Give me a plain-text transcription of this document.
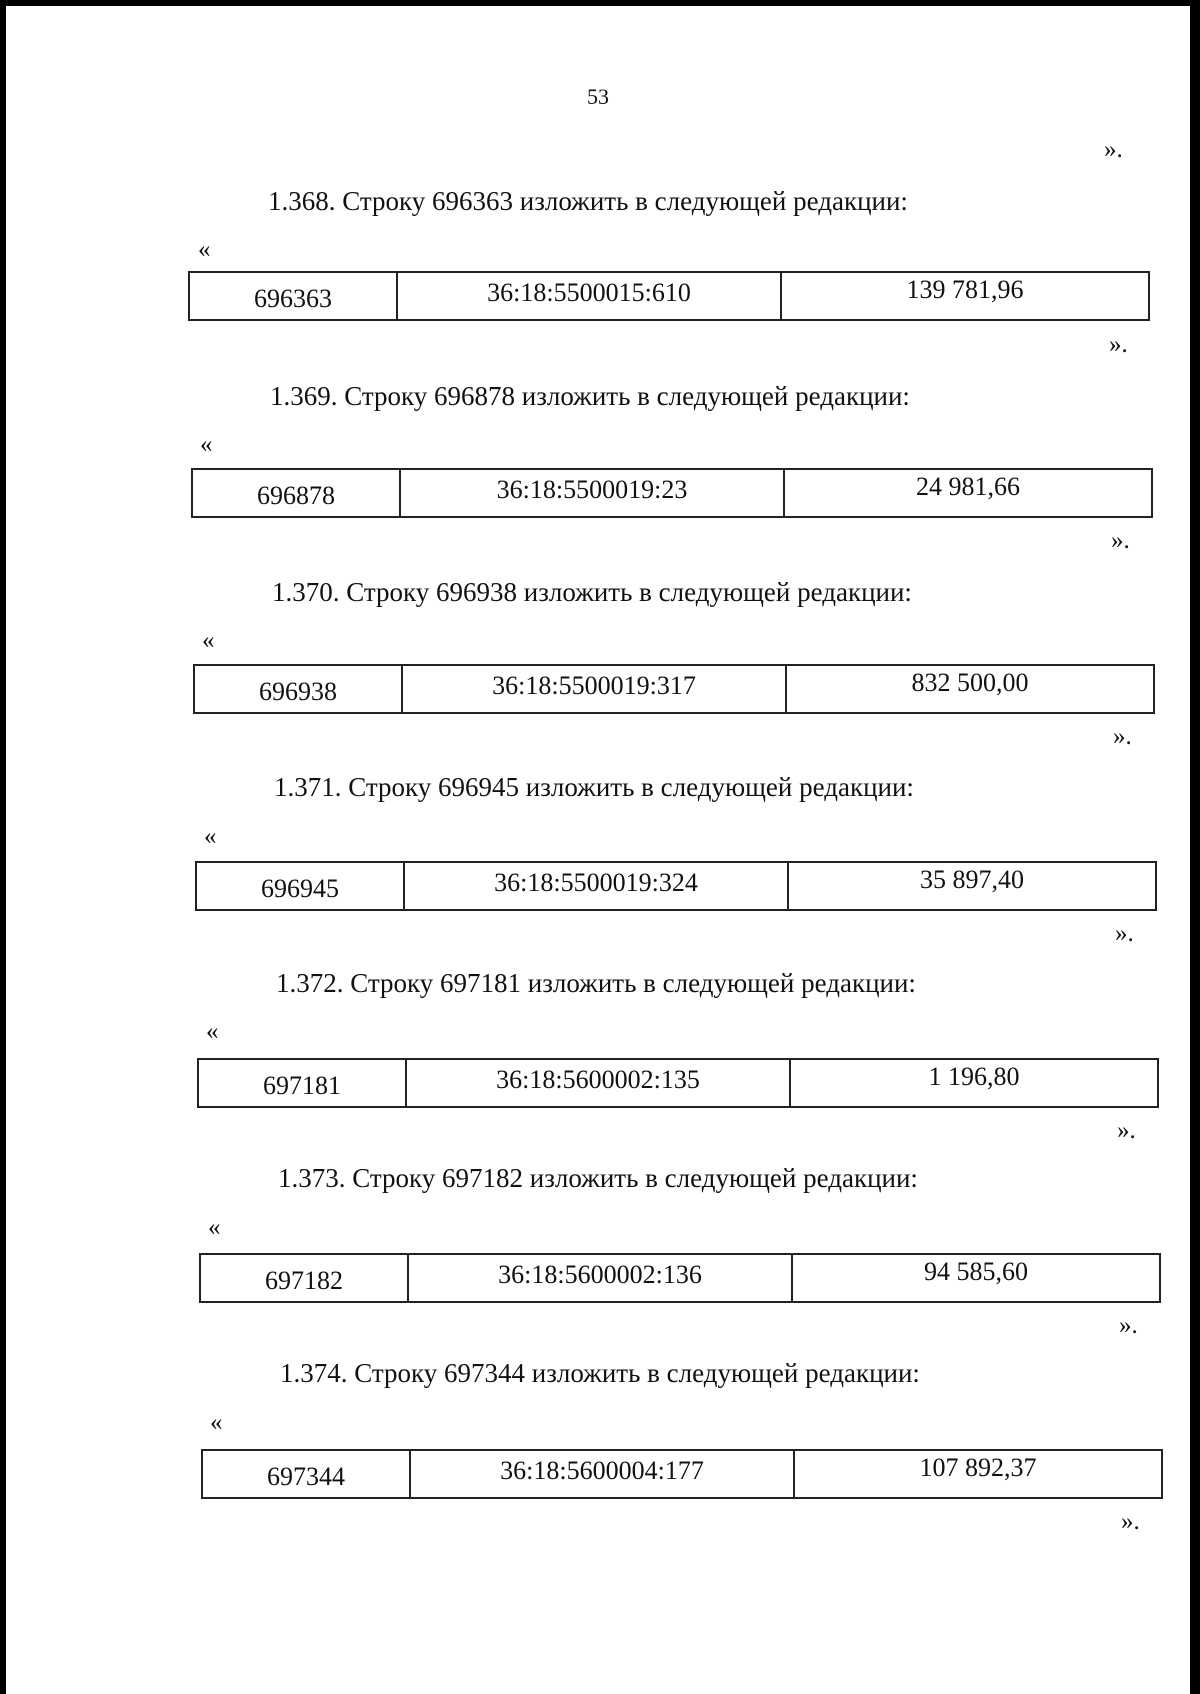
53
».
1.368. Строку 696363 изложить в следующей редакции:
«
696363	36:18:5500015:610	139 781,96
».
1.369. Строку 696878 изложить в следующей редакции:
«
696878	36:18:5500019:23	24 981,66
».
1.370. Строку 696938 изложить в следующей редакции:
«
696938	36:18:5500019:317	832 500,00
».
1.371. Строку 696945 изложить в следующей редакции:
«
696945	36:18:5500019:324	35 897,40
».
1.372. Строку 697181 изложить в следующей редакции:
«
697181	36:18:5600002:135	1 196,80
».
1.373. Строку 697182 изложить в следующей редакции:
«
697182	36:18:5600002:136	94 585,60
».
1.374. Строку 697344 изложить в следующей редакции:
«
697344	36:18:5600004:177	107 892,37
».
